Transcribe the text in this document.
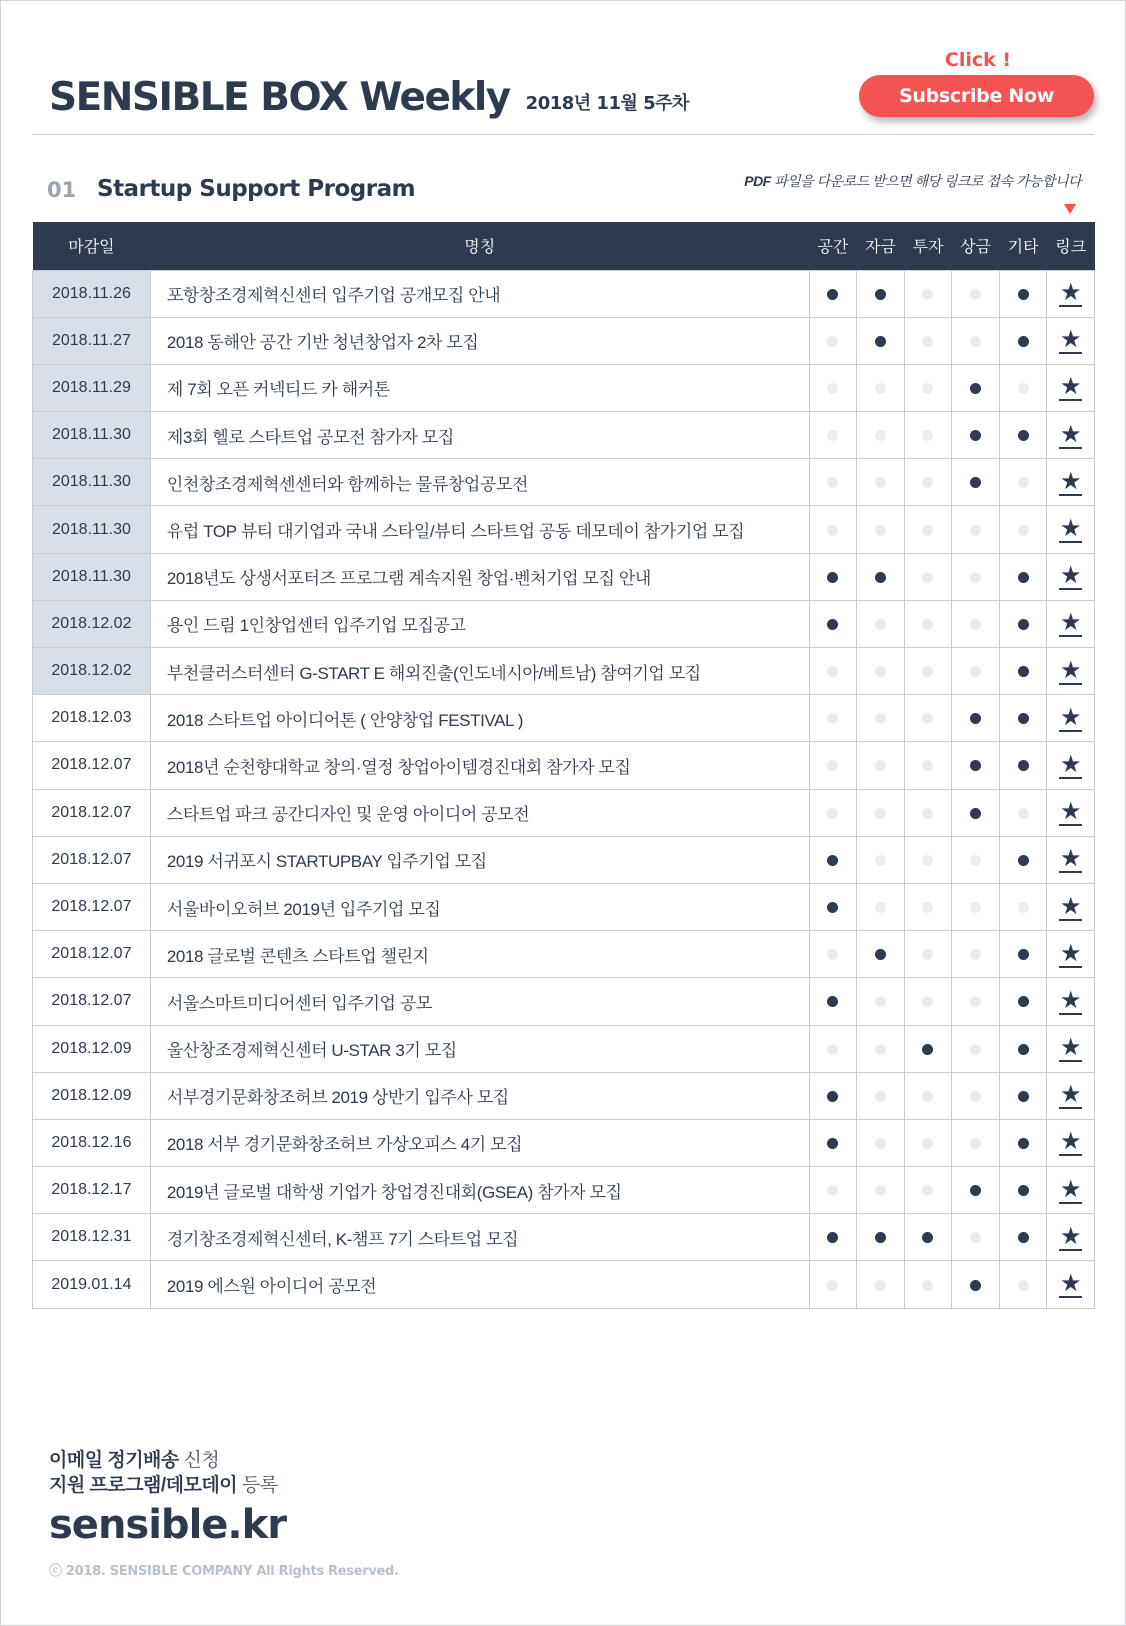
SENSIBLE BOX Weekly 2018년 11월 5주차
Click !
Subscribe Now
01 Startup Support Program	PDF 파일을 다운로드 받으면 해당 링크로 접속 가능합니다
마감일	명칭	공간	자금	투자	상금	기타	링크
2018.11.26	포항창조경제혁신센터 입주기업 공개모집 안내						★
2018.11.27	2018 동해안 공간 기반 청년창업자 2차 모집						★
2018.11.29	제 7회 오픈 커넥티드 카 해커톤						★
2018.11.30	제3회 헬로 스타트업 공모전 참가자 모집						★
2018.11.30	인천창조경제혁센센터와 함께하는 물류창업공모전						★
2018.11.30	유럽 TOP 뷰티 대기업과 국내 스타일/뷰티 스타트업 공동 데모데이 참가기업 모집						★
2018.11.30	2018년도 상생서포터즈 프로그램 계속지원 창업·벤처기업 모집 안내						★
2018.12.02	용인 드림 1인창업센터 입주기업 모집공고						★
2018.12.02	부천클러스터센터 G-START E 해외진출(인도네시아/베트남) 참여기업 모집						★
2018.12.03	2018 스타트업 아이디어톤 ( 안양창업 FESTIVAL )						★
2018.12.07	2018년 순천향대학교 창의·열정 창업아이템경진대회 참가자 모집						★
2018.12.07	스타트업 파크 공간디자인 및 운영 아이디어 공모전						★
2018.12.07	2019 서귀포시 STARTUPBAY 입주기업 모집						★
2018.12.07	서울바이오허브 2019년 입주기업 모집						★
2018.12.07	2018 글로벌 콘텐츠 스타트업 챌린지						★
2018.12.07	서울스마트미디어센터 입주기업 공모						★
2018.12.09	울산창조경제혁신센터 U-STAR 3기 모집						★
2018.12.09	서부경기문화창조허브 2019 상반기 입주사 모집						★
2018.12.16	2018 서부 경기문화창조허브 가상오피스 4기 모집						★
2018.12.17	2019년 글로벌 대학생 기업가 창업경진대회(GSEA) 참가자 모집						★
2018.12.31	경기창조경제혁신센터, K-챔프 7기 스타트업 모집						★
2019.01.14	2019 에스원 아이디어 공모전						★
이메일 정기배송 신청
지원 프로그램/데모데이 등록
sensible.kr
ⓒ 2018. SENSIBLE COMPANY All Rights Reserved.
